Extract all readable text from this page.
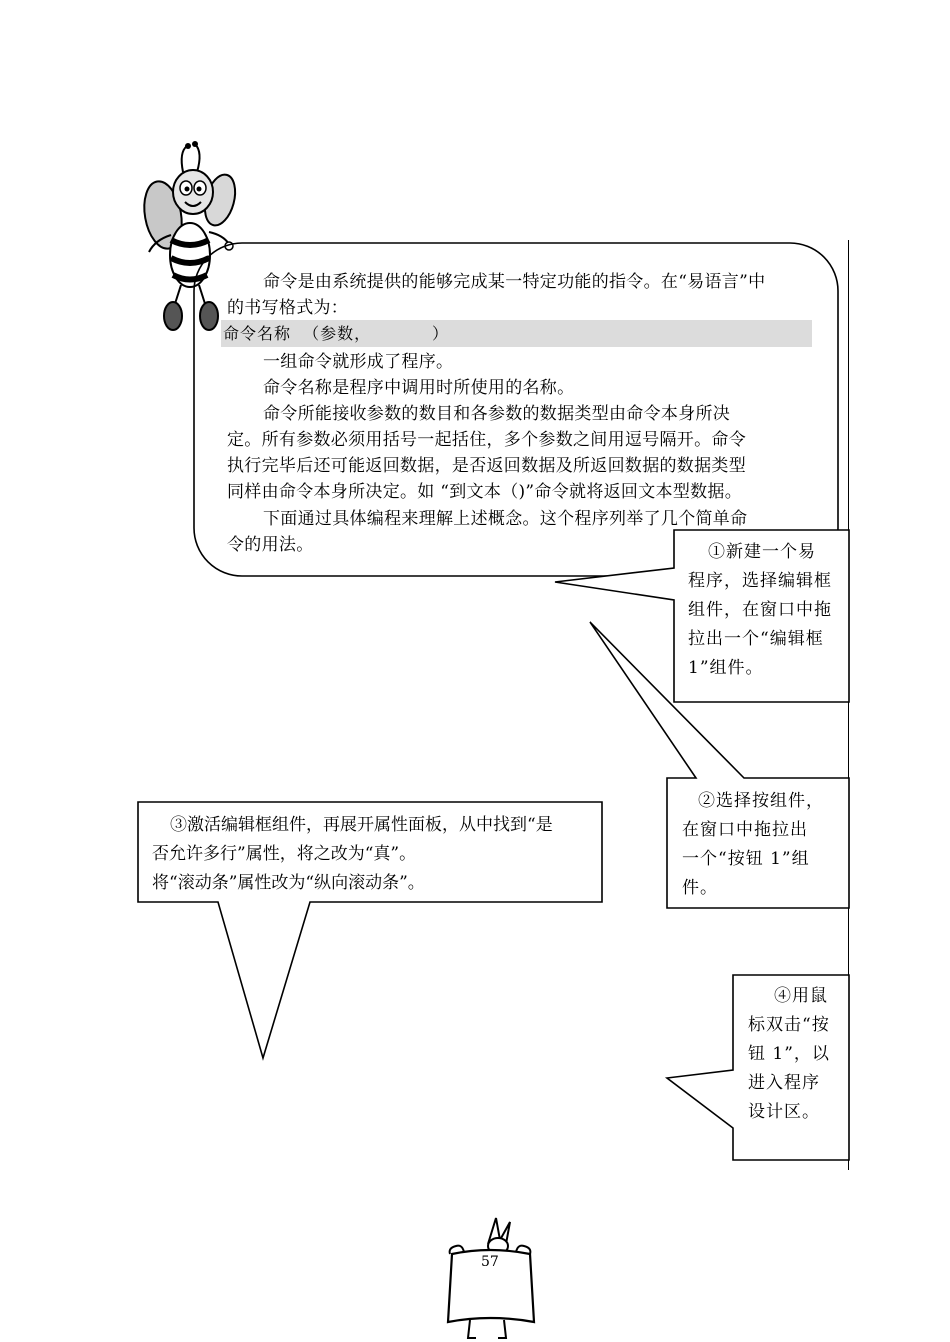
命令是由系统提供的能够完成某一特定功能的指令。在“易语言”中
的书写格式为：
命令名称  （参数，          ）
一组命令就形成了程序。
命令名称是程序中调用时所使用的名称。
命令所能接收参数的数目和各参数的数据类型由命令本身所决
定。所有参数必须用括号一起括住，多个参数之间用逗号隔开。命令
执行完毕后还可能返回数据，是否返回数据及所返回数据的数据类型
同样由命令本身所决定。如 “到文本（)”命令就将返回文本型数据。
下面通过具体编程来理解上述概念。这个程序列举了几个简单命
令的用法。	①新建一个易
程序，选择编辑框
组件，在窗口中拖
拉出一个“编辑框
1”组件。
②选择按组件，
在窗口中拖拉出
一个“按钮 1”组
件。
③激活编辑框组件，再展开属性面板，从中找到“是
否允许多行”属性，将之改为“真”。
将“滚动条”属性改为“纵向滚动条”。
④用鼠
标双击“按
钮 1”，以
进入程序
设计区。
57
